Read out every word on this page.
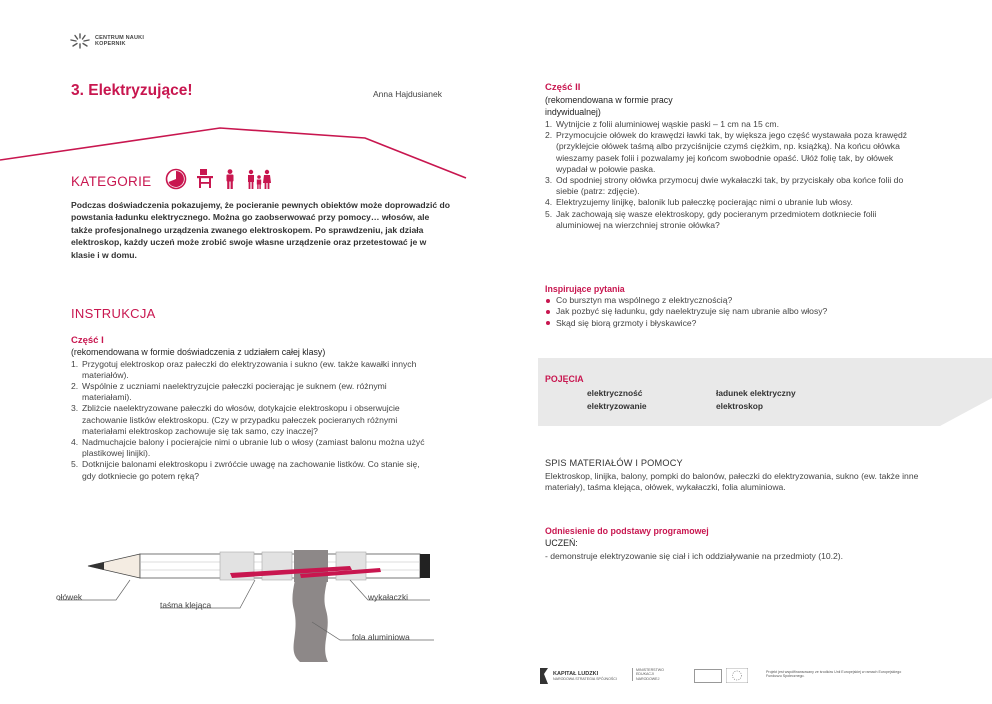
CENTRUM NAUKI
KOPERNIK
3. Elektryzujące!	Anna Hajdusianek
KATEGORIE
Podczas doświadczenia pokazujemy, że pocieranie pewnych obiektów może doprowadzić do powstania ładunku elektrycznego. Można go zaobserwować przy pomocy… włosów, ale także profesjonalnego urządzenia zwanego elektroskopem. Po sprawdzeniu, jak działa elektroskop, każdy uczeń może zrobić swoje własne urządzenie oraz przetestować je w klasie i w domu.
INSTRUKCJA
Część I
(rekomendowana w formie doświadczenia z udziałem całej klasy)
1. Przygotuj elektroskop oraz pałeczki do elektryzowania i sukno (ew. także kawałki innych materiałów).
2. Wspólnie z uczniami naelektryzujcie pałeczki pocierając je suknem (ew. różnymi materiałami).
3. Zbliżcie naelektryzowane pałeczki do włosów, dotykajcie elektroskopu i obserwujcie zachowanie listków elektroskopu. (Czy w przypadku pałeczek pocieranych różnymi materiałami elektroskop zachowuje się tak samo, czy inaczej?
4. Nadmuchajcie balony i pocierajcie nimi o ubranie lub o włosy (zamiast balonu można użyć plastikowej linijki).
5. Dotknijcie balonami elektroskopu i zwróćcie uwagę na zachowanie listków. Co stanie się, gdy dotkniecie go potem ręką?
ołówek
taśma klejąca
wykałaczki
fola aluminiowa
Część II
(rekomendowana w formie pracy indywidualnej)
1. Wytnijcie z folii aluminiowej wąskie paski – 1 cm na 15 cm.
2. Przymocujcie ołówek do krawędzi ławki tak, by większa jego część wystawała poza krawędź (przyklejcie ołówek taśmą albo przyciśnijcie czymś ciężkim, np. książką). Na końcu ołówka wieszamy pasek folii i pozwalamy jej końcom swobodnie opaść. Ułóż folię tak, by ołówek wypadał w połowie paska.
3. Od spodniej strony ołówka przymocuj dwie wykałaczki tak, by przyciskały oba końce folii do siebie (patrz: zdjęcie).
4. Elektryzujemy linijkę, balonik lub pałeczkę pocierając nimi o ubranie lub włosy.
5. Jak zachowają się wasze elektroskopy, gdy pocieranym przedmiotem dotkniecie folii aluminiowej na wierzchniej stronie ołówka?
Inspirujące pytania
Co bursztyn ma wspólnego z elektrycznością?
Jak pozbyć się ładunku, gdy naelektryzuje się nam ubranie albo włosy?
Skąd się biorą grzmoty i błyskawice?
POJĘCIA
elektryczność
elektryzowanie
ładunek elektryczny
elektroskop
SPIS MATERIAŁÓW I POMOCY
Elektroskop, linijka, balony, pompki do balonów, pałeczki do elektryzowania, sukno (ew. także inne materiały), taśma klejąca, ołówek, wykałaczki, folia aluminiowa.
Odniesienie do podstawy programowej
UCZEŃ:
- demonstruje elektryzowanie się ciał i ich oddziaływanie na przedmioty (10.2).
KAPITAŁ LUDZKI
NARODOWA STRATEGIA SPÓJNOŚCI
MINISTERSTWO
EDUKACJI
NARODOWEJ
Projekt jest współfinansowany ze środków Unii Europejskiej w ramach Europejskiego Funduszu Społecznego.
